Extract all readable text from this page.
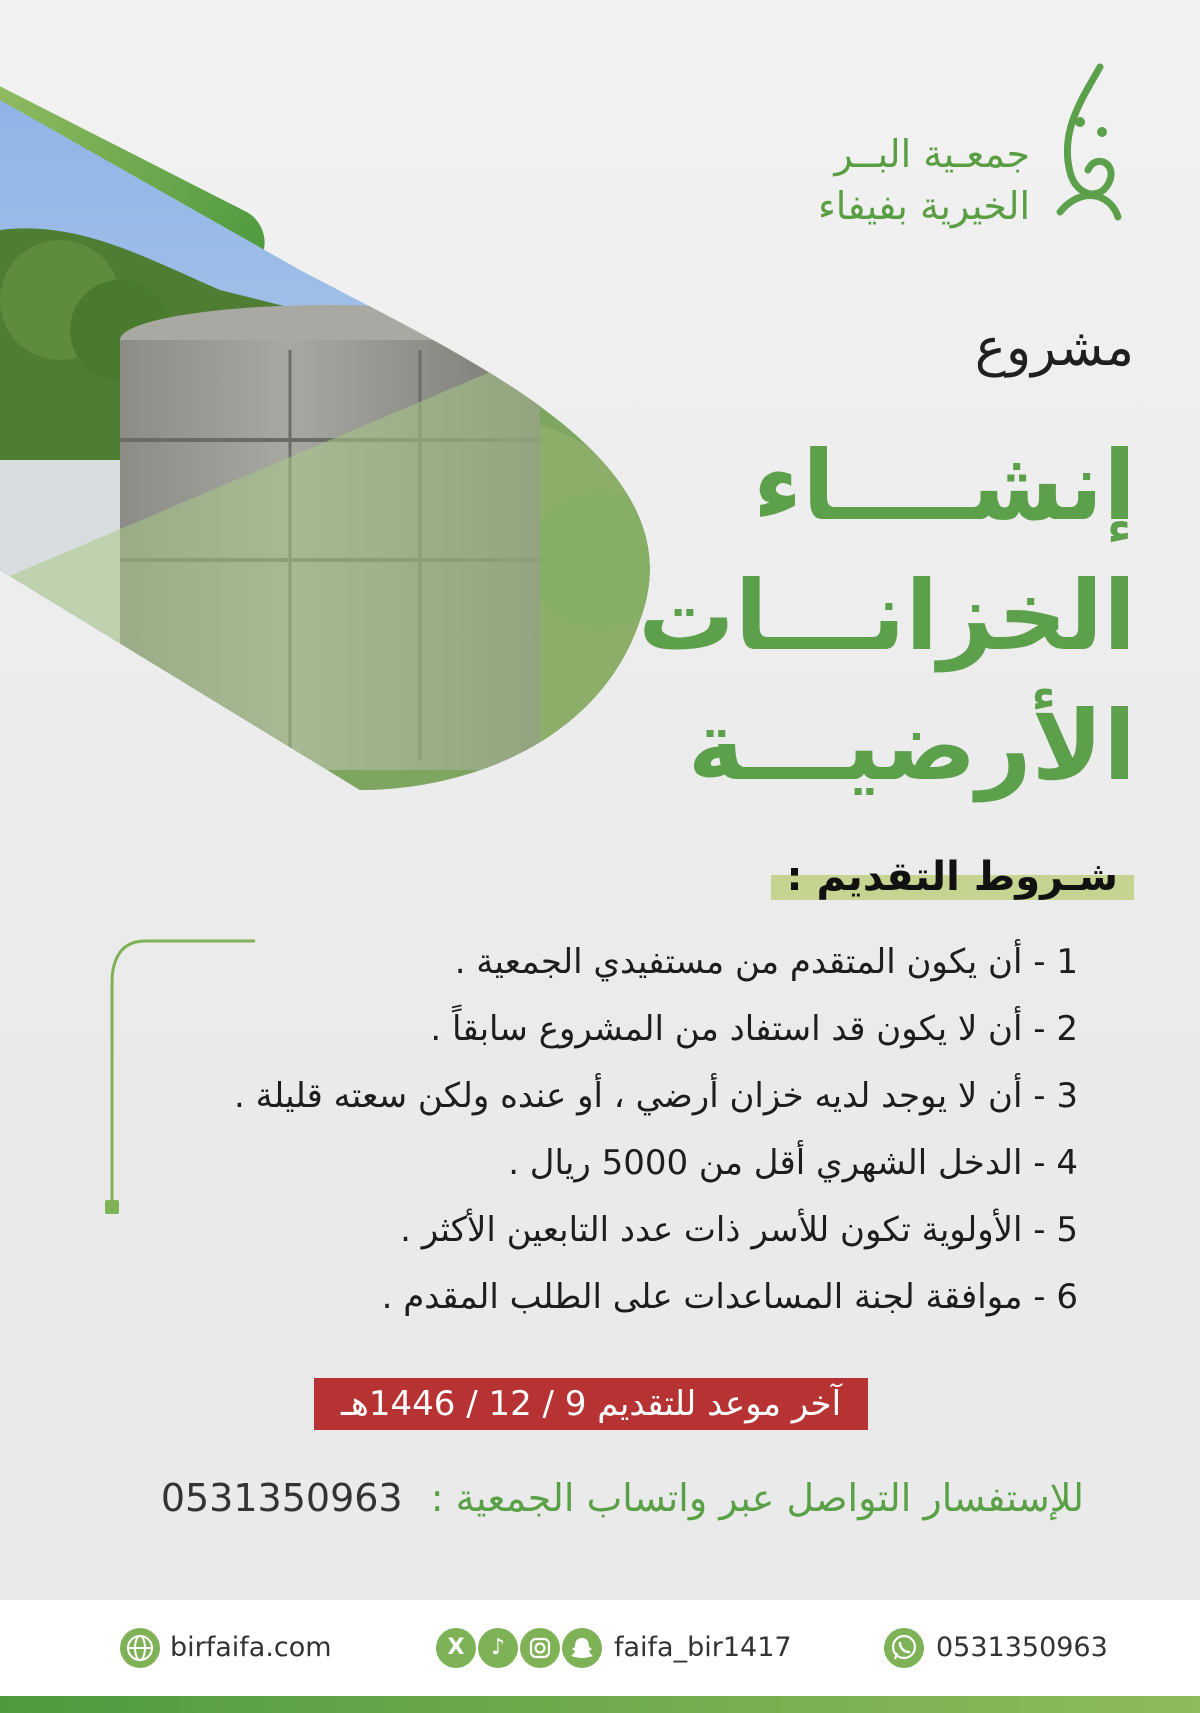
جمعـية البــر
الخيرية بفيفاء
مشروع
إنشــــاء
الخزانـــات
الأرضيـــة
شـروط التقديم :
1 - أن يكون المتقدم من مستفيدي الجمعية .
2 - أن لا يكون قد استفاد من المشروع سابقاً .
3 - أن لا يوجد لديه خزان أرضي ، أو عنده ولكن سعته قليلة .
4 - الدخل الشهري أقل من 5000 ريال .
5 - الأولوية تكون للأسر ذات عدد التابعين الأكثر .
6 - موافقة لجنة المساعدات على الطلب المقدم .
آخر موعد للتقديم 9 / 12 / 1446هـ
للإستفسار التواصل عبر واتساب الجمعية : 0531350963
birfaifa.com	X	♪	faifa_bir1417	0531350963
